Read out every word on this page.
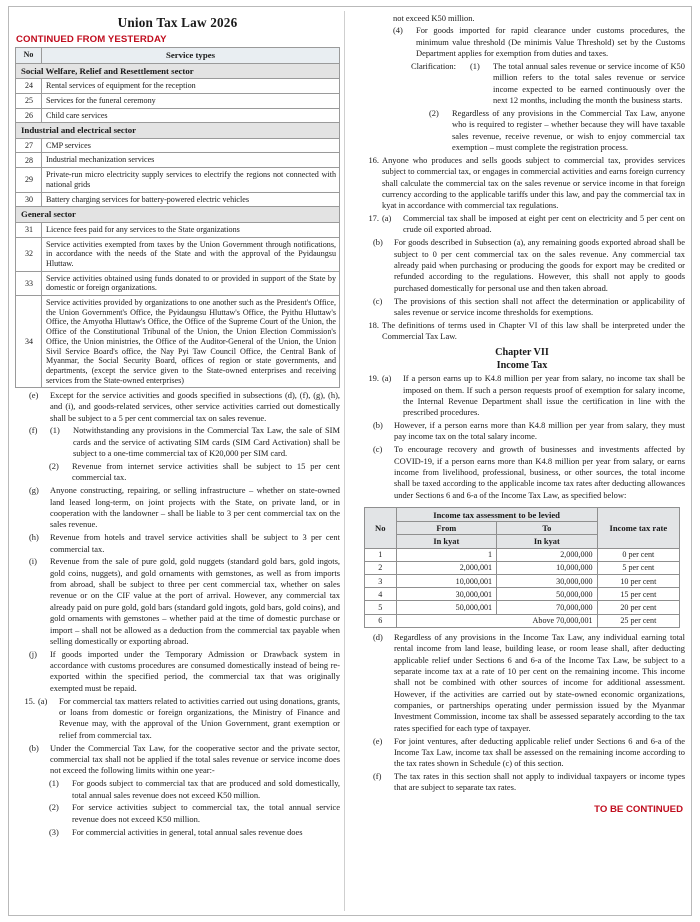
Union Tax Law 2026
CONTINUED FROM YESTERDAY
No	Service types
Social Welfare, Relief and Resettlement sector	
24	Rental services of equipment for the reception
25	Services for the funeral ceremony
26	Child care services
Industrial and electrical sector	
27	CMP services
28	Industrial mechanization services
29	Private-run micro electricity supply services to electrify the regions not connected with national grids
30	Battery charging services for battery-powered electric vehicles
General sector	
31	Licence fees paid for any services to the State organizations
32	Service activities exempted from taxes by the Union Government through notifications, in accordance with the needs of the State and with the approval of the Pyidaungsu Hluttaw.
33	Service activities obtained using funds donated to or provided in support of the State by domestic or foreign organizations.
34	Service activities provided by organizations to one another such as the President's Office, the Union Government's Office, the Pyidaungsu Hluttaw's Office, the Pyithu Hluttaw's Office, the Amyotha Hluttaw's Office, the Office of the Supreme Court of the Union, the Office of the Constitutional Tribunal of the Union, the Union Election Commission's Office, the Union ministries, the Office of the Auditor-General of the Union, the Union Sivil Service Board's office, the Nay Pyi Taw Council Office, the Central Bank of Myanmar, the Social Security Board, offices of region or state governments, and departments, (except the service given to the State-owned enterprises and receiving services from the State-owned enterprises)
(e)	Except for the service activities and goods specified in subsections (d), (f), (g), (h), and (i), and goods-related services, other service activities carried out domestically shall be subject to a 5 per cent commercial tax on sales revenue.
(f)	(1)	Notwithstanding any provisions in the Commercial Tax Law, the sale of SIM cards and the service of activating SIM cards (SIM Card Activation) shall be subject to a one-time commercial tax of K20,000 per SIM card.
(2)	Revenue from internet service activities shall be subject to 15 per cent commercial tax.
(g)	Anyone constructing, repairing, or selling infrastructure – whether on state-owned land leased long-term, on joint projects with the State, on private land, or in cooperation with the landowner – shall be liable to 3 per cent commercial tax on the sales revenue.
(h)	Revenue from hotels and travel service activities shall be subject to 3 per cent commercial tax.
(i)	Revenue from the sale of pure gold, gold nuggets (standard gold bars, gold ingots, gold coins, nuggets), and gold ornaments with gemstones, as well as from imports from abroad, shall be subject to three per cent commercial tax, whether on sales revenue or on the CIF value at the port of arrival. However, any commercial tax already paid on pure gold, gold bars (standard gold ingots, gold bars, gold coins), and gold ornaments with gemstones – whether paid at the time of domestic purchase or import – shall not be allowed as a deduction from the commercial tax payable when selling domestically or exporting abroad.
(j)	If goods imported under the Temporary Admission or Drawback system in accordance with customs procedures are consumed domestically instead of being re-exported within the specified period, the commercial tax that was originally exempted must be repaid.
15. (a)	For commercial tax matters related to activities carried out using donations, grants, or loans from domestic or foreign organizations, the Ministry of Finance and Revenue may, with the approval of the Union Government, grant exemption or relief from commercial tax.
(b)	Under the Commercial Tax Law, for the cooperative sector and the private sector, commercial tax shall not be applied if the total sales revenue or service income does not exceed the following limits within one year:-
(1)	For goods subject to commercial tax that are produced and sold domestically, total annual sales revenue does not exceed K50 million.
(2)	For service activities subject to commercial tax, the total annual service revenue does not exceed K50 million.
(3)	For commercial activities in general, total annual sales revenue does
not exceed K50 million.
(4)	For goods imported for rapid clearance under customs procedures, the minimum value threshold (De minimis Value Threshold) set by the Customs Department applies for exemption from duties and taxes.
Clarification:	(1)	The total annual sales revenue or service income of K50 million refers to the total sales revenue or service income expected to be earned continuously over the next 12 months, including the month the business starts.
(2)	Regardless of any provisions in the Commercial Tax Law, anyone who is required to register – whether because they will have taxable sales revenue, receive revenue, or wish to enjoy commercial tax exemption – must complete the registration process.
16. Anyone who produces and sells goods subject to commercial tax, provides services subject to commercial tax, or engages in commercial activities and earns foreign currency shall calculate the commercial tax on the sales revenue or service income in that foreign currency according to the applicable tariffs under this law, and pay the commercial tax in kyat in accordance with commercial tax regulations.
17. (a)	Commercial tax shall be imposed at eight per cent on electricity and 5 per cent on crude oil exported abroad.
(b)	For goods described in Subsection (a), any remaining goods exported abroad shall be subject to 0 per cent commercial tax on the sales revenue. Any commercial tax already paid when purchasing or producing the goods for export may be credited or refunded according to the regulations. However, this shall not apply to goods purchased domestically for personal use and then taken abroad.
(c)	The provisions of this section shall not affect the determination or applicability of sales revenue or service income thresholds for exemptions.
18. The definitions of terms used in Chapter VI of this law shall be interpreted under the Commercial Tax Law.
Chapter VII
Income Tax
19. (a)	If a person earns up to K4.8 million per year from salary, no income tax shall be imposed on them. If such a person requests proof of exemption for salary income, the Internal Revenue Department shall issue the certification in line with the prescribed procedures.
(b)	However, if a person earns more than K4.8 million per year from salary, they must pay income tax on the total salary income.
(c)	To encourage recovery and growth of businesses and investments affected by COVID-19, if a person earns more than K4.8 million per year from salary, or earns income from livelihood, professional, business, or other sources, the total income shall be taxed according to the applicable income tax rates after deducting allowances under Sections 6 and 6-a of the Income Tax Law, as specified below:
No	Income tax assessment to be levied		Income tax rate
	From	To	
	In kyat	In kyat	
1	1	2,000,000	0 per cent
2	2,000,001	10,000,000	5 per cent
3	10,000,001	30,000,000	10 per cent
4	30,000,001	50,000,000	15 per cent
5	50,000,001	70,000,000	20 per cent
6	Above 70,000,001		25 per cent
(d)	Regardless of any provisions in the Income Tax Law, any individual earning total rental income from land lease, building lease, or room lease shall, after deducting applicable relief under Sections 6 and 6-a of the Income Tax Law, be subject to a separate income tax at a rate of 10 per cent on the remaining income. This income shall not be combined with other sources of income for additional assessment. However, if the activities are carried out by state-owned economic organizations, companies, or partnerships operating under permission issued by the Myanmar Investment Commission, income tax shall be assessed separately according to the tax rates specified for each type of taxpayer.
(e)	For joint ventures, after deducting applicable relief under Sections 6 and 6-a of the Income Tax Law, income tax shall be assessed on the remaining income according to the tax rates shown in Schedule (c) of this section.
(f)	The tax rates in this section shall not apply to individual taxpayers or income types that are subject to separate tax rates.
TO BE CONTINUED
